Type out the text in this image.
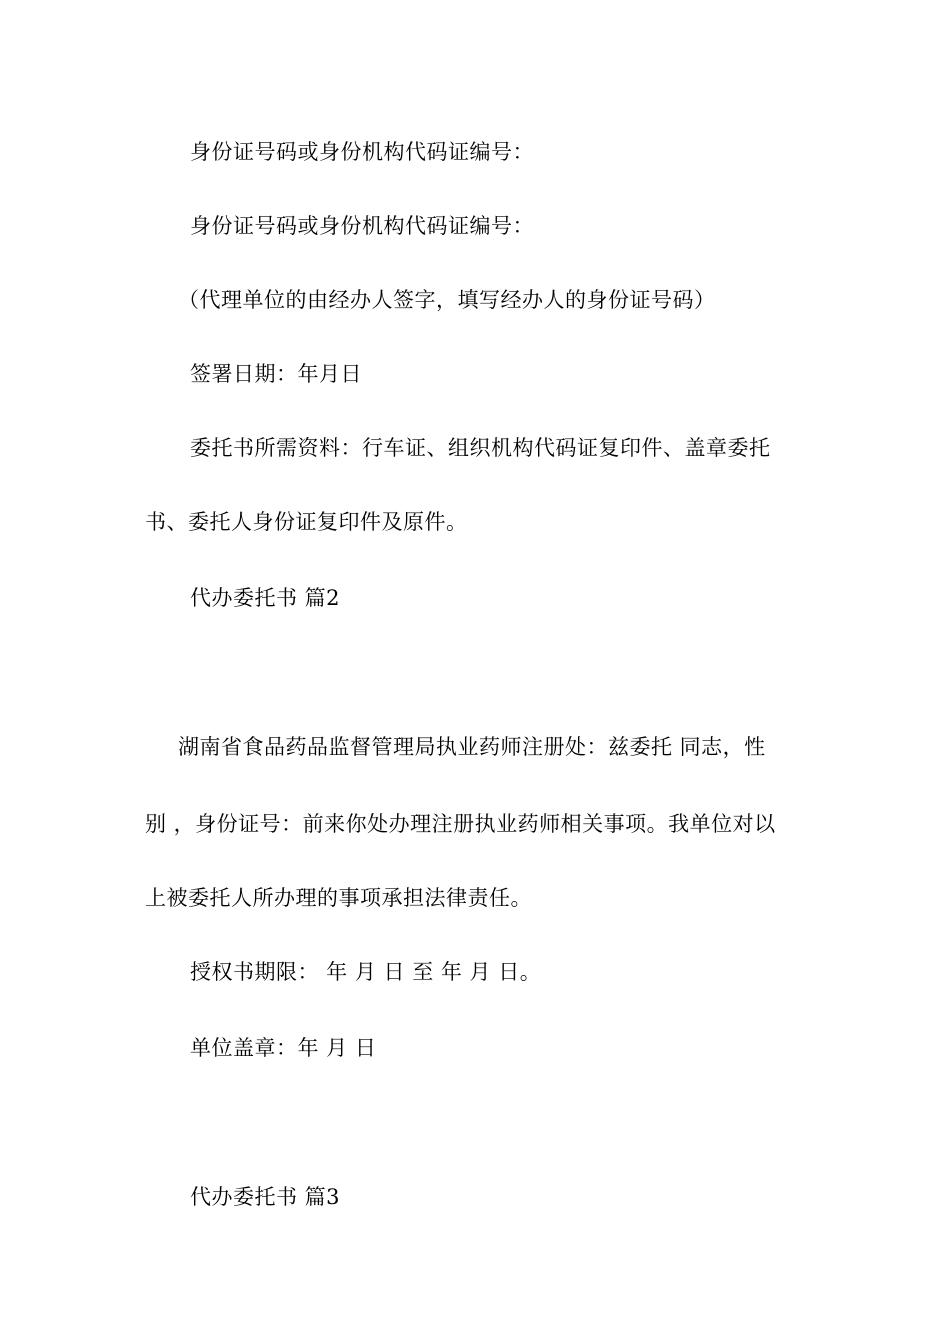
身份证号码或身份机构代码证编号：
身份证号码或身份机构代码证编号：
（代理单位的由经办人签字，填写经办人的身份证号码）
签署日期：年月日
委托书所需资料：行车证、组织机构代码证复印件、盖章委托
书、委托人身份证复印件及原件。
代办委托书 篇2
湖南省食品药品监督管理局执业药师注册处：兹委托 同志，性
别 ，身份证号：前来你处办理注册执业药师相关事项。我单位对以
上被委托人所办理的事项承担法律责任。
授权书期限： 年 月 日 至 年 月 日。
单位盖章：年 月 日
代办委托书 篇3
